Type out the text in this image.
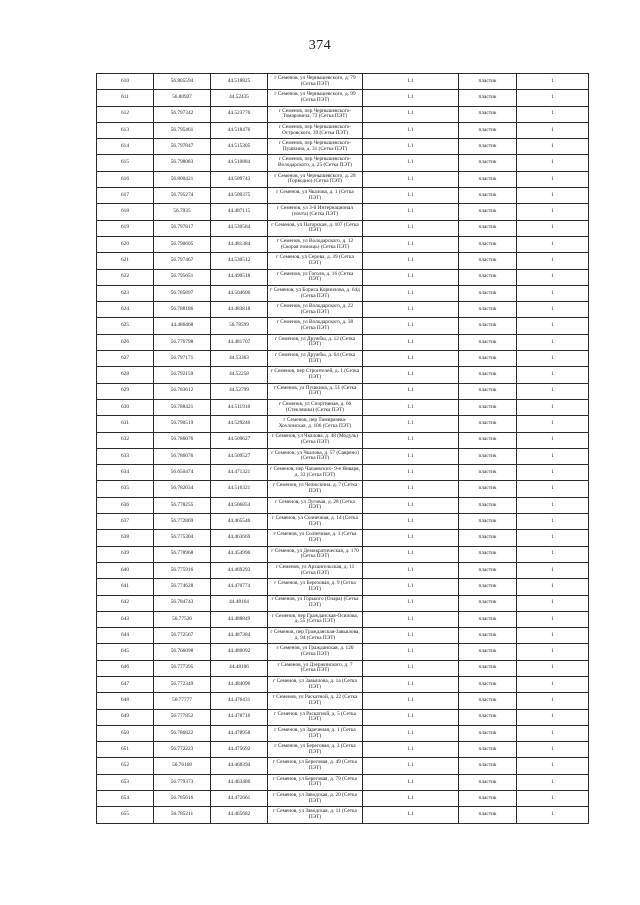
374
610	56.805594	44.518825	г Семенов, ул Чернышевского, д. 79 (Сетка ПЭТ)	1.1	пластик	1
611	56.80927	44.52435	г Семенов, ул Чернышевского, д. 99 (Сетка ПЭТ)	1.1	пластик	1
612	56.797342	44.523776	г Семенов, пер Чернышевского-Томаровича, 73 (Сетка ПЭТ)	1.1	пластик	1
613	56.795461	44.518476	г Семенов, пер Чернышевского-Островского, 39 (Сетка ПЭТ)	1.1	пластик	1
614	56.797847	44.515305	г Семенов, пер Чернышевского-Пушкина, д. 31 (Сетка ПЭТ)	1.1	пластик	1
615	56.798083	44.510884	г Семенов, пер Чернышевского-Володарского, д. 25 (Сетка ПЭТ)	1.1	пластик	1
616	56.800421	44.509743	г Семенов, ул Чернышевского, д. 28 (Горводно) (Сетка ПЭТ)	1.1	пластик	1
617	56.795274	44.500375	г Семенов, ул Чкалова, д. 1 (Сетка ПЭТ)	1.1	пластик	1
618	56.7935	44.487115	г Семенов, ул 3-й Интернационал (почта) (Сетка ПЭТ)	1.1	пластик	1
619	56.797817	44.530584	г Семенов, ул Пагорская, д. 107 (Сетка ПЭТ)	1.1	пластик	1
620	56.790605	44.481384	г Семенов, ул Володарского, д. 12 (Скорая помощь) (Сетка ПЭТ)	1.1	пластик	1
621	56.797467	44.530512	г Семенов, ул Серова, д. 39 (Сетка ПЭТ)	1.1	пластик	1
622	56.795651	44.490518	г Семенов, ул Гоголя, д. 16 (Сетка ПЭТ)	1.1	пластик	1
623	56.785897	44.504606	г Семенов, ул Бориса Корнилова, д. 64д (Сетка ПЭТ)	1.1	пластик	1
624	56.788186	44.483818	г Семенов, ул Володарского, д. 22 (Сетка ПЭТ)	1.1	пластик	1
625	44.486468	56.78599	г Семенов, ул Володарского, д. 38 (Сетка ПЭТ)	1.1	пластик	1
626	56.776798	44.481707	г Семенов, ул Дружбы, д. 12 (Сетка ПЭТ)	1.1	пластик	1
627	56.797171	44.53363	г Семенов, ул Дружбы, д. 64 (Сетка ПЭТ)	1.1	пластик	1
628	56.792159	44.52258	г Семенов, пер Строителей, д. 1 (Сетка ПЭТ)	1.1	пластик	1
629	56.783612	44.52799	г Семенов, ул Пушкина, д. 51 (Сетка ПЭТ)	1.1	пластик	1
630	56.788421	44.511918	г Семенов, ул Спортивная, д. 66 (Стекляшка) (Сетка ПЭТ)	1.1	пластик	1
631	56.790519	44.529246	г Семенов, пер Тимирязева-Хохломская, д. 106 (Сетка ПЭТ)	1.1	пластик	1
632	56.786076	44.509627	г Семенов, ул Чкалова, д. 48 (Модуль) (Сетка ПЭТ)	1.1	пластик	1
633	56.786076	44.509527	г Семенов, ул Чкалова, д. 57 (Саврено) (Сетка ПЭТ)	1.1	пластик	1
634	56.650474	44.471321	г Семенов, пер Чапаевских- 9-е Января, д. 33 (Сетка ПЭТ)	1.1	пластик	1
635	56.782034	44.516321	г Семенов, ул Челюскина, д. 7 (Сетка ПЭТ)	1.1	пластик	1
636	56.778255	44.506854	г Семенов, ул Луговая, д. 28 (Сетка ПЭТ)	1.1	пластик	1
637	56.772869	44.465546	г Семенов, ул Солнечная, д. 14 (Сетка ПЭТ)	1.1	пластик	1
638	56.775304	44.463669	г Семенов, ул Солнечная, д. 1 (Сетка ПЭТ)	1.1	пластик	1
639	56.778968	44.454996	г Семенов, ул Демократическая, д. 170 (Сетка ПЭТ)	1.1	пластик	1
640	56.775916	44.469293	г Семенов, ул Архангельская, д. 11 (Сетка ПЭТ)	1.1	пластик	1
641	56.774628	44.470774	г Семенов, ул Березовая, д. 9 (Сетка ПЭТ)	1.1	пластик	1
642	56.784743	44.48164	г Семенов, ул Горького (Олара) (Сетка ПЭТ)	1.1	пластик	1
643	56.77526	44.488849	г Семенов, пер Гражданская-Осипова, д. 55 (Сетка ПЭТ)	1.1	пластик	1
644	56.772567	44.487384	г Семенов, пер Гражданская-Завьялова, д. 94 (Сетка ПЭТ)	1.1	пластик	1
645	56.766098	44.480092	г Семенов, ул Гражданская, д. 120 (Сетка ПЭТ)	1.1	пластик	1
646	56.777395	44.48106	г Семенов, ул Дзержинского, д. 7 (Сетка ПЭТ)	1.1	пластик	1
647	56.772349	44.484096	г Семенов, ул Завьялова, д. 1а (Сетка ПЭТ)	1.1	пластик	1
648	56.77777	44.476431	г Семенов, ул Раскатной, д. 22 (Сетка ПЭТ)	1.1	пластик	1
649	56.777852	44.478716	г Семенов, ул Раскатной, д. 5 (Сетка ПЭТ)	1.1	пластик	1
650	56.786822	44.478958	г Семенов, ул Зареченая, д. 1 (Сетка ПЭТ)	1.1	пластик	1
651	56.772223	44.475692	г Семенов, ул Береговая, д. 3 (Сетка ПЭТ)	1.1	пластик	1
652	56.76168	44.468394	г Семенов, ул Береговая, д. 49 (Сетка ПЭТ)	1.1	пластик	1
653	56.779373	44.463486	г Семенов, ул Береговая, д. 79 (Сетка ПЭТ)	1.1	пластик	1
654	56.785616	44.472661	г Семенов, ул Заводская, д. 20 (Сетка ПЭТ)	1.1	пластик	1
655	56.785211	44.465682	г Семенов, ул Заводская, д. 11 (Сетка ПЭТ)	1.1	пластик	1
